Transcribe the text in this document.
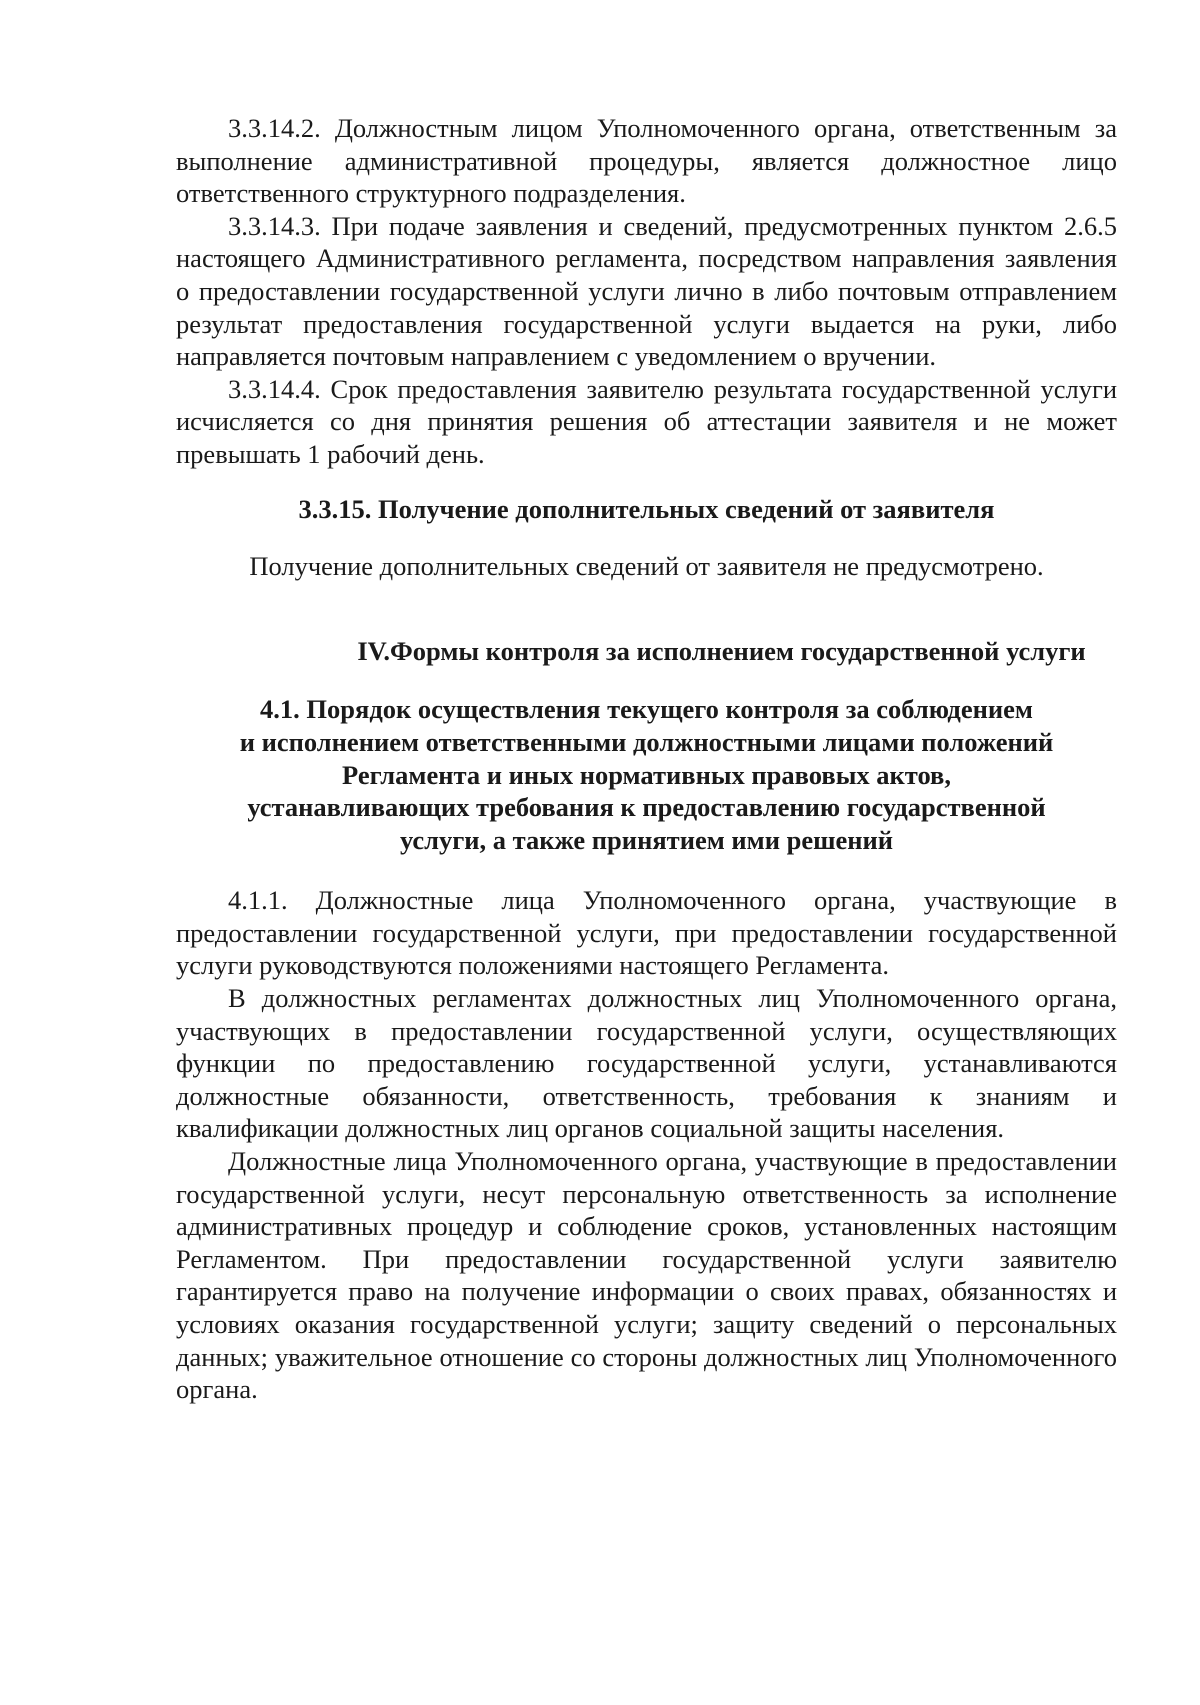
3.3.14.2. Должностным лицом Уполномоченного органа, ответственным за выполнение административной процедуры, является должностное лицо ответственного структурного подразделения.

3.3.14.3. При подаче заявления и сведений, предусмотренных пунктом 2.6.5 настоящего Административного регламента, посредством направления заявления о предоставлении государственной услуги лично в либо почтовым отправлением результат предоставления государственной услуги выдается на руки, либо направляется почтовым направлением с уведомлением о вручении.

3.3.14.4. Срок предоставления заявителю результата государственной услуги исчисляется со дня принятия решения об аттестации заявителя и не может превышать 1 рабочий день.

3.3.15. Получение дополнительных сведений от заявителя

Получение дополнительных сведений от заявителя не предусмотрено.

IV.Формы контроля за исполнением государственной услуги

4.1. Порядок осуществления текущего контроля за соблюдением

и исполнением ответственными должностными лицами положений

Регламента и иных нормативных правовых актов,

устанавливающих требования к предоставлению государственной

услуги, а также принятием ими решений

4.1.1. Должностные лица Уполномоченного органа, участвующие в предоставлении государственной услуги, при предоставлении государственной услуги руководствуются положениями настоящего Регламента.

В должностных регламентах должностных лиц Уполномоченного органа, участвующих в предоставлении государственной услуги, осуществляющих функции по предоставлению государственной услуги, устанавливаются должностные обязанности, ответственность, требования к знаниям и квалификации должностных лиц органов социальной защиты населения.

Должностные лица Уполномоченного органа, участвующие в предоставлении государственной услуги, несут персональную ответственность за исполнение административных процедур и соблюдение сроков, установленных настоящим Регламентом. При предоставлении государственной услуги заявителю гарантируется право на получение информации о своих правах, обязанностях и условиях оказания государственной услуги; защиту сведений о персональных данных; уважительное отношение со стороны должностных лиц Уполномоченного органа.
